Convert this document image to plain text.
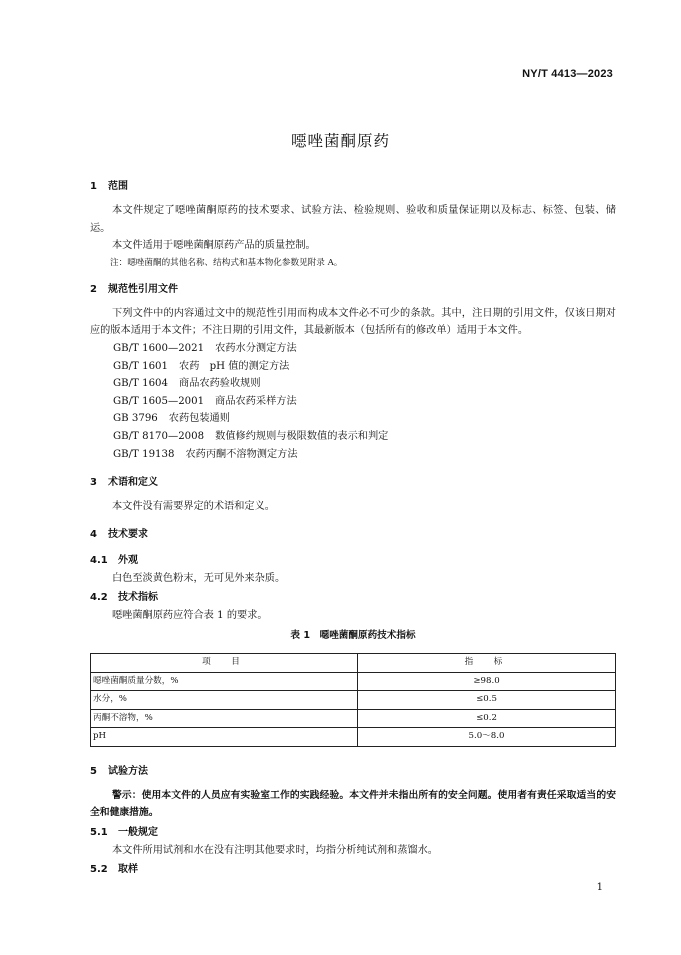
NY/T 4413—2023
噁唑菌酮原药
1 范围

本文件规定了噁唑菌酮原药的技术要求、试验方法、检验规则、验收和质量保证期以及标志、标签、包装、储运。

本文件适用于噁唑菌酮原药产品的质量控制。

注：噁唑菌酮的其他名称、结构式和基本物化参数见附录 A。
2 规范性引用文件

下列文件中的内容通过文中的规范性引用而构成本文件必不可少的条款。其中，注日期的引用文件，仅该日期对应的版本适用于本文件；不注日期的引用文件，其最新版本（包括所有的修改单）适用于本文件。

GB/T 1600—2021 农药水分测定方法
GB/T 1601 农药　pH 值的测定方法
GB/T 1604 商品农药验收规则
GB/T 1605—2001 商品农药采样方法
GB 3796 农药包装通则
GB/T 8170—2008 数值修约规则与极限数值的表示和判定
GB/T 19138 农药丙酮不溶物测定方法
3 术语和定义

本文件没有需要界定的术语和定义。

4 技术要求
4.1 外观

白色至淡黄色粉末，无可见外来杂质。

4.2 技术指标

噁唑菌酮原药应符合表 1 的要求。

表 1　噁唑菌酮原药技术指标
项　目	指　标
噁唑菌酮质量分数，%	≥98.0
水分，%	≤0.5
丙酮不溶物，%	≤0.2
pH	5.0～8.0
5 试验方法
警示：使用本文件的人员应有实验室工作的实践经验。本文件并未指出所有的安全问题。使用者有责任采取适当的安全和健康措施。
5.1 一般规定

本文件所用试剂和水在没有注明其他要求时，均指分析纯试剂和蒸馏水。

5.2 取样
1
